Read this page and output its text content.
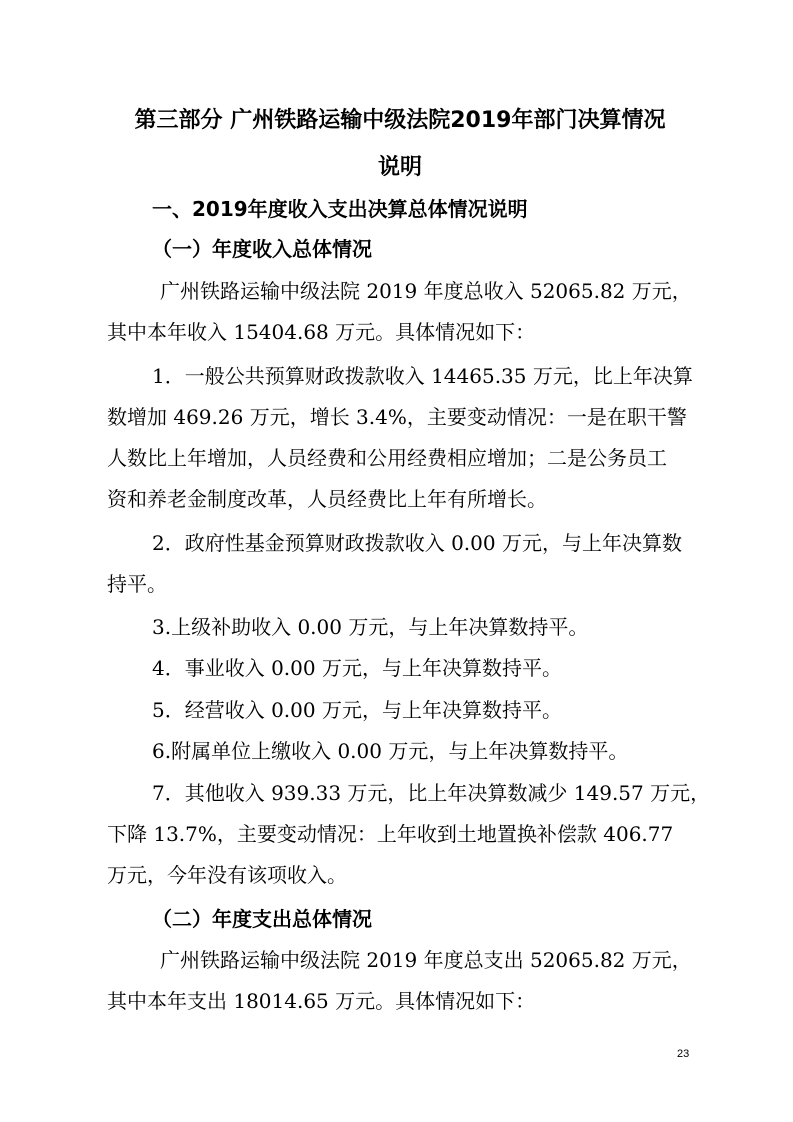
第三部分 广州铁路运输中级法院2019年部门决算情况
说明
一、2019年度收入支出决算总体情况说明
（一）年度收入总体情况

广州铁路运输中级法院 2019 年度总收入 52065.82 万元，

其中本年收入 15404.68 万元。具体情况如下：

1．一般公共预算财政拨款收入 14465.35 万元，比上年决算

数增加 469.26 万元，增长 3.4%，主要变动情况：一是在职干警

人数比上年增加，人员经费和公用经费相应增加；二是公务员工

资和养老金制度改革，人员经费比上年有所增长。

2．政府性基金预算财政拨款收入 0.00 万元，与上年决算数

持平。

3.上级补助收入 0.00 万元，与上年决算数持平。

4．事业收入 0.00 万元，与上年决算数持平。

5．经营收入 0.00 万元，与上年决算数持平。

6.附属单位上缴收入 0.00 万元，与上年决算数持平。

7．其他收入 939.33 万元，比上年决算数减少 149.57 万元，

下降 13.7%，主要变动情况：上年收到土地置换补偿款 406.77

万元，今年没有该项收入。

（二）年度支出总体情况

广州铁路运输中级法院 2019 年度总支出 52065.82 万元，

其中本年支出 18014.65 万元。具体情况如下：

23
